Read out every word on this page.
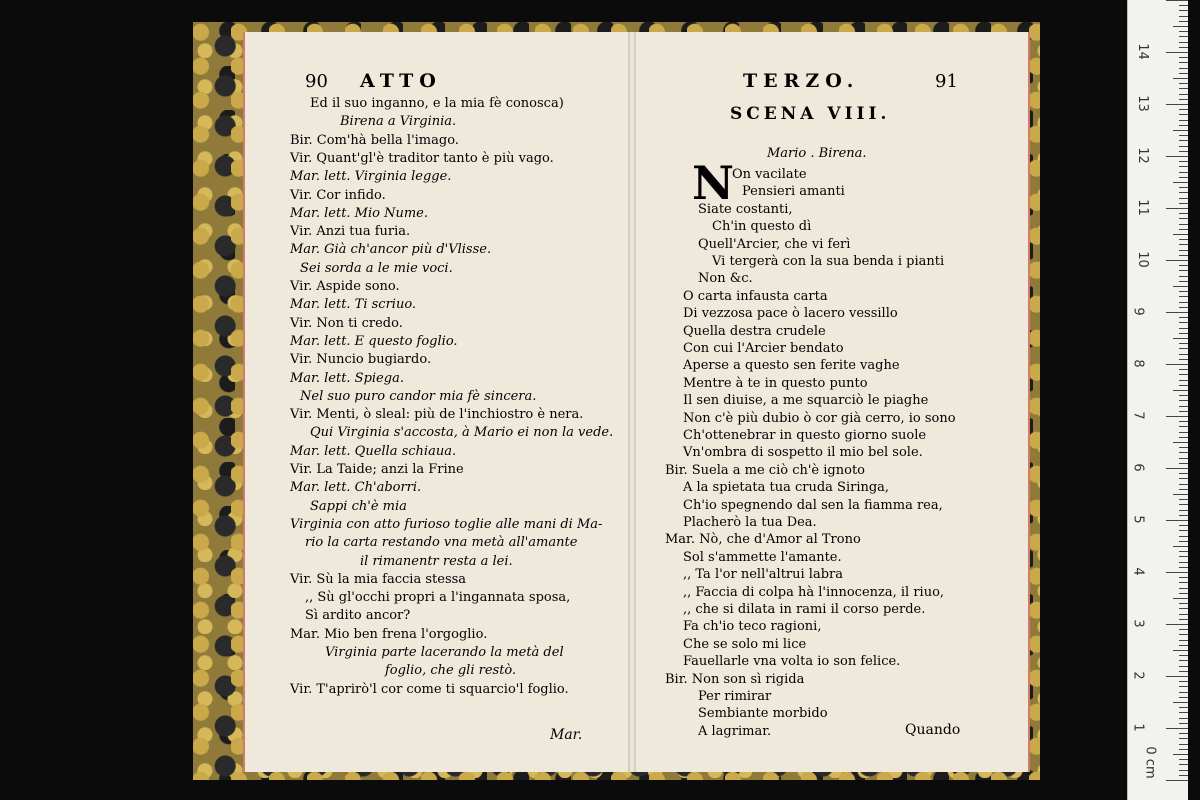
90 ATTO	TERZO.	91
SCENA VIII.
Mario . Birena.
N
Ed il suo inganno, e la mia fè conosca)
Birena a Virginia.
Bir. Com'hà bella l'imago.
Vir. Quant'gl'è traditor tanto è più vago.
Mar. lett. Virginia legge.
Vir. Cor infido.
Mar. lett. Mio Nume.
Vir. Anzi tua furia.
Mar. Già ch'ancor più d'Vlisse.
Sei sorda a le mie voci.
Vir. Aspide sono.
Mar. lett. Ti scriuo.
Vir. Non ti credo.
Mar. lett. E questo foglio.
Vir. Nuncio bugiardo.
Mar. lett. Spiega.
Nel suo puro candor mia fè sincera.
Vir. Menti, ò sleal: più de l'inchiostro è nera.
Qui Virginia s'accosta, à Mario ei non la vede.
Mar. lett. Quella schiaua.
Vir. La Taide; anzi la Frine
Mar. lett. Ch'aborri.
Sappi ch'è mia
Virginia con atto furioso toglie alle mani di Ma-
rio la carta restando vna metà all'amante
il rimanentr resta a lei.
Vir. Sù la mia faccia stessa
,, Sù gl'occhi propri a l'ingannata sposa,
Sì ardito ancor?
Mar. Mio ben frena l'orgoglio.
Virginia parte lacerando la metà del
foglio, che gli restò.
Vir. T'aprirò'l cor come ti squarcio'l foglio.
On vacilate
Pensieri amanti
Siate costanti,
Ch'in questo dì
Quell'Arcier, che vi ferì
Vi tergerà con la sua benda i pianti
Non &c.
O carta infausta carta
Di vezzosa pace ò lacero vessillo
Quella destra crudele
Con cui l'Arcier bendato
Aperse a questo sen ferite vaghe
Mentre à te in questo punto
Il sen diuise, a me squarciò le piaghe
Non c'è più dubio ò cor già cerro, io sono
Ch'ottenebrar in questo giorno suole
Vn'ombra di sospetto il mio bel sole.
Bir. Suela a me ciò ch'è ignoto
A la spietata tua cruda Siringa,
Ch'io spegnendo dal sen la fiamma rea,
Placherò la tua Dea.
Mar. Nò, che d'Amor al Trono
Sol s'ammette l'amante.
,, Ta l'or nell'altrui labra
,, Faccia di colpa hà l'innocenza, il riuo,
,, che si dilata in rami il corso perde.
Fa ch'io teco ragioni,
Che se solo mi lice
Fauellarle vna volta io son felice.
Bir. Non son sì rigida
Per rimirar
Sembiante morbido
A lagrimar.
Mar.	Quando
0 cm
1
2
3
4
5
6
7
8
9
10
11
12
13
14
